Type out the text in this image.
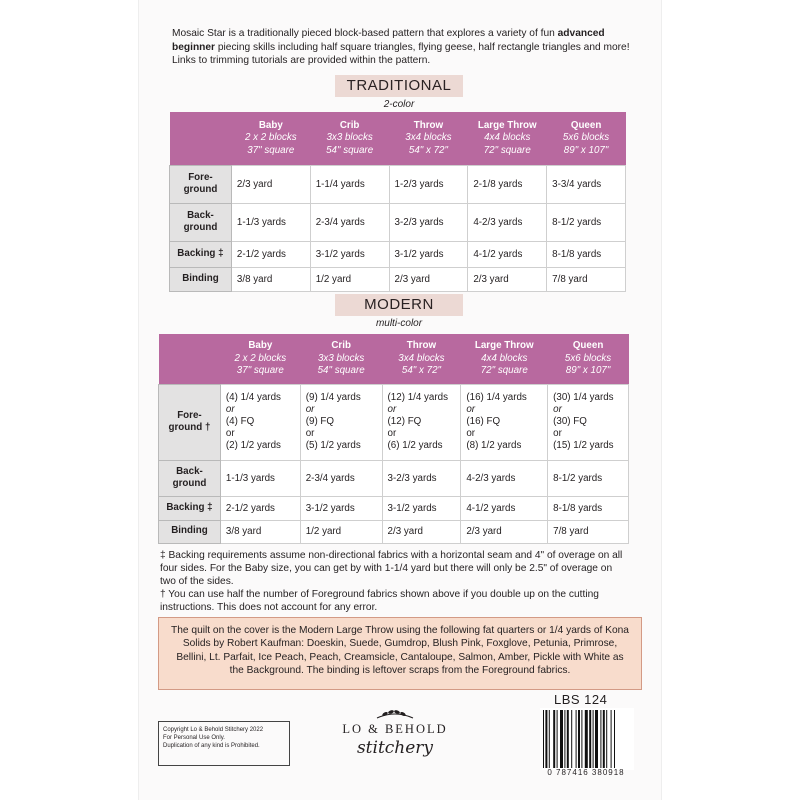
Mosaic Star is a traditionally pieced block-based pattern that explores a variety of fun advanced beginner piecing skills including half square triangles, flying geese, half rectangle triangles and more! Links to trimming tutorials are provided within the pattern.

TRADITIONAL
2-color

	Baby
2 x 2 blocks
37" square	Crib
3x3 blocks
54" square	Throw
3x4 blocks
54" x 72"	Large Throw
4x4 blocks
72" square	Queen
5x6 blocks
89" x 107"

Fore-
ground	2/3 yard	1-1/4 yards	1-2/3 yards	2-1/8 yards	3-3/4 yards

Back-
ground	1-1/3 yards	2-3/4 yards	3-2/3 yards	4-2/3 yards	8-1/2 yards
Backing ‡	2-1/2 yards	3-1/2 yards	3-1/2 yards	4-1/2 yards	8-1/8 yards
Binding	3/8 yard	1/2 yard	2/3 yard	2/3 yard	7/8 yard
MODERN
multi-color

	Baby
2 x 2 blocks
37" square	Crib
3x3 blocks
54" square	Throw
3x4 blocks
54" x 72"	Large Throw
4x4 blocks
72" square	Queen
5x6 blocks
89" x 107"

Fore-
ground †	(4) 1/4 yards
or
(4) FQ
or
(2) 1/2 yards	(9) 1/4 yards
or
(9) FQ
or
(5) 1/2 yards	(12) 1/4 yards
or
(12) FQ
or
(6) 1/2 yards	(16) 1/4 yards
or
(16) FQ
or
(8) 1/2 yards	(30) 1/4 yards
or
(30) FQ
or
(15) 1/2 yards

Back-
ground	1-1/3 yards	2-3/4 yards	3-2/3 yards	4-2/3 yards	8-1/2 yards
Backing ‡	2-1/2 yards	3-1/2 yards	3-1/2 yards	4-1/2 yards	8-1/8 yards
Binding	3/8 yard	1/2 yard	2/3 yard	2/3 yard	7/8 yard

‡ Backing requirements assume non-directional fabrics with a horizontal seam and 4" of overage on all four sides. For the Baby size, you can get by with 1-1/4 yard but there will only be 2.5" of overage on two of the sides.

† You can use half the number of Foreground fabrics shown above if you double up on the cutting instructions. This does not account for any error.

The quilt on the cover is the Modern Large Throw using the following fat quarters or 1/4 yards of Kona Solids by Robert Kaufman: Doeskin, Suede, Gumdrop, Blush Pink, Foxglove, Petunia, Primrose, Bellini, Lt. Parfait, Ice Peach, Peach, Creamsicle, Cantaloupe, Salmon, Amber, Pickle with White as the Background. The binding is leftover scraps from the Foreground fabrics.
LBS 124
0 787416 380918
Copyright Lo & Behold Stitchery 2022
For Personal Use Only.
Duplication of any kind is Prohibited.
LO & BEHOLD
stitchery
